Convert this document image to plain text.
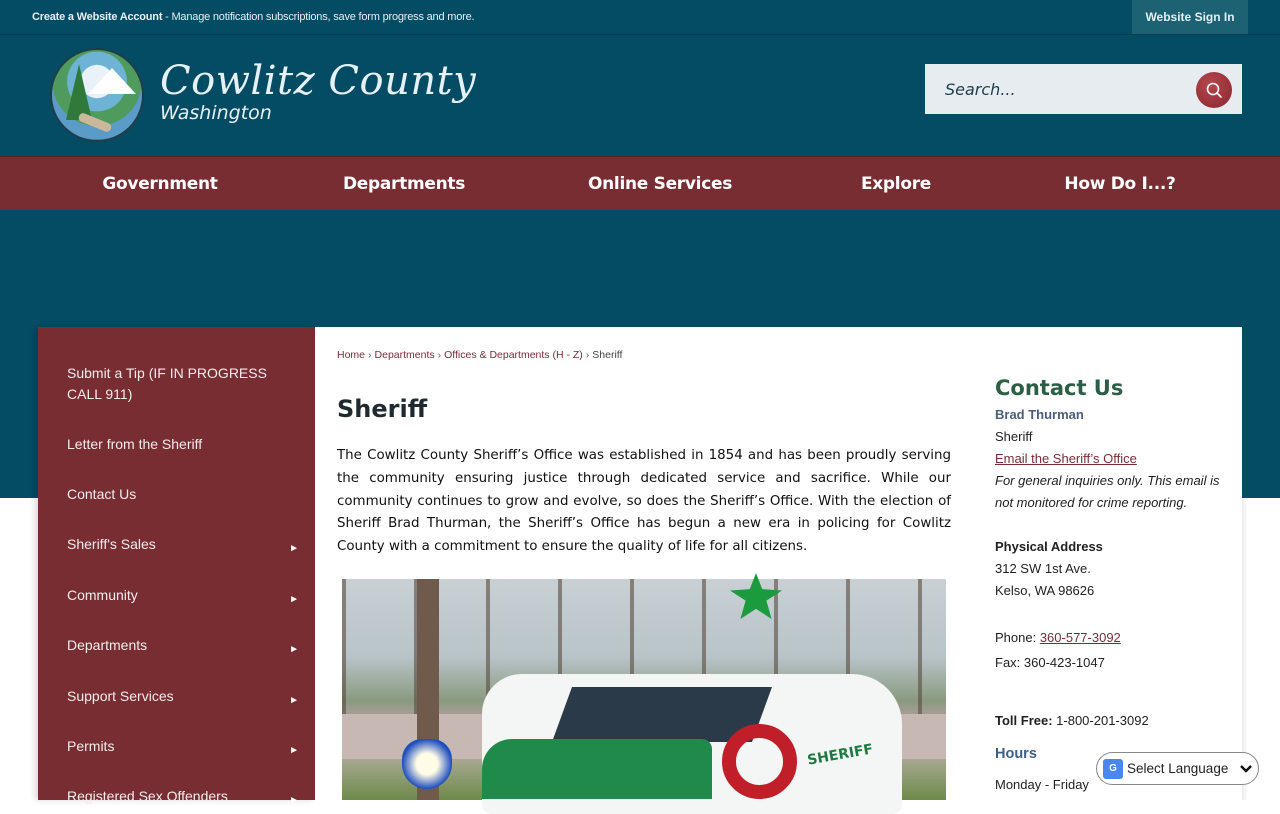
Create a Website Account - Manage notification subscriptions, save form progress and more.	Website Sign In
Cowlitz County
Washington
Search...
Government	Departments	Online Services	Explore	How Do I...?
Submit a Tip (IF IN PROGRESS CALL 911)
Letter from the Sheriff
Contact Us
Sheriff's Sales	►
Community	►
Departments	►
Support Services	►
Permits	►
Registered Sex Offenders	►
Home › Departments › Offices & Departments (H - Z) › Sheriff
Sheriff

The Cowlitz County Sheriff’s Office was established in 1854 and has been proudly serving the community ensuring justice through dedicated service and sacrifice. While our community continues to grow and evolve, so does the Sheriff’s Office. With the election of Sheriff Brad Thurman, the Sheriff’s Office has begun a new era in policing for Cowlitz County with a commitment to ensure the quality of life for all citizens.

SHERIFF
Contact Us
Brad Thurman
Sheriff
Email the Sheriff’s Office
For general inquiries only. This email is not monitored for crime reporting.
Physical Address
312 SW 1st Ave.
Kelso, WA 98626
Phone: 360-577-3092
Fax: 360-423-1047
Toll Free: 1-800-201-3092
Hours
Monday - Friday
G Select Language
